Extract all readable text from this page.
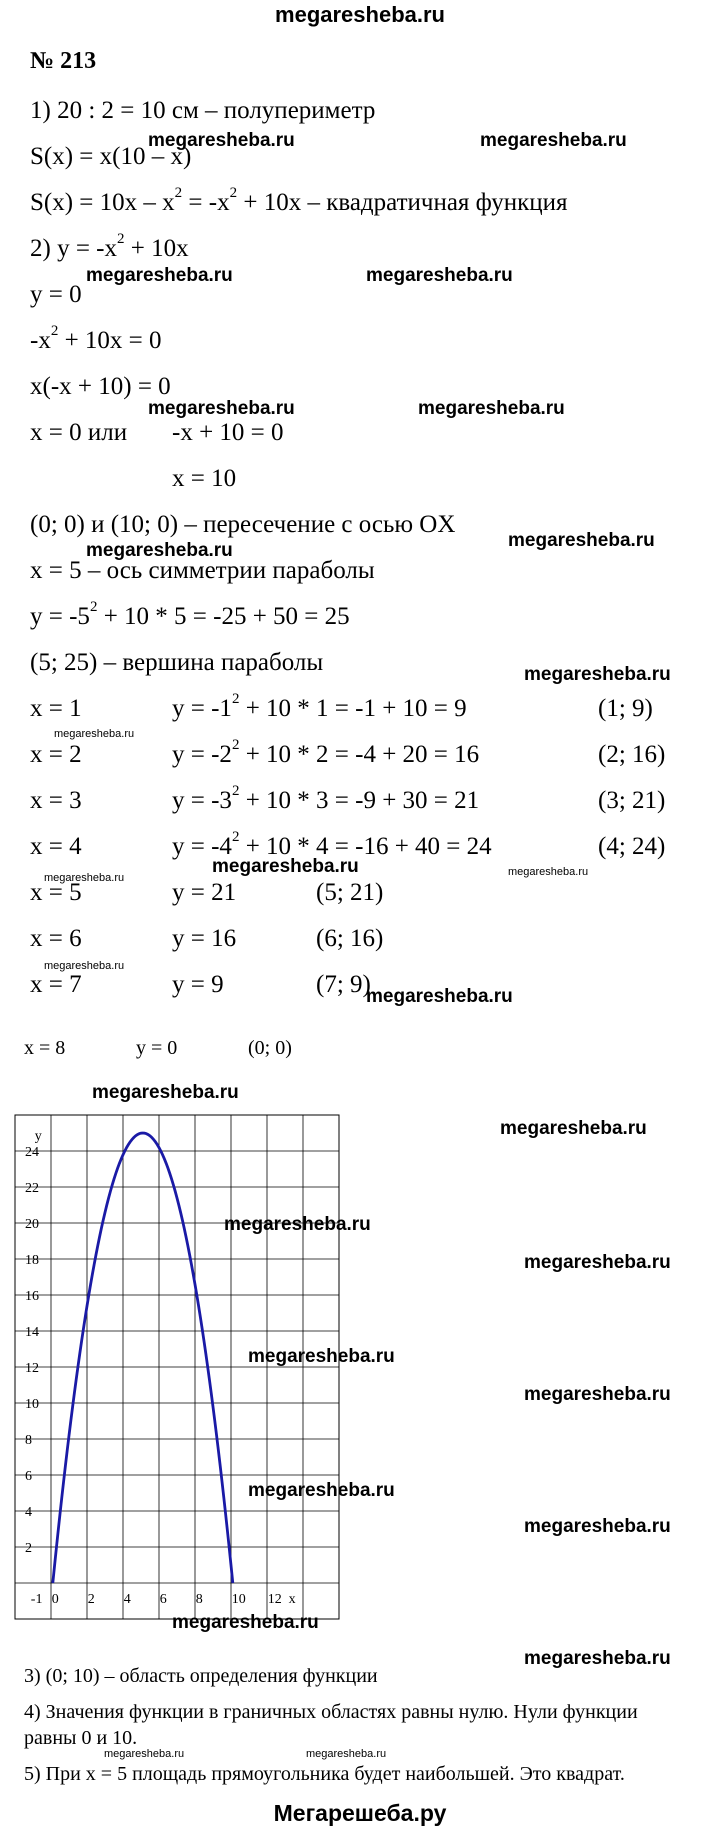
megaresheba.ru
№ 213
1) 20 : 2 = 10 см – полупериметр
S(x) = x(10 – x)
$S(x) = 10x - x^2 = -x^2 + 10x$ – квадратичная функция
2) $y = -x^2 + 10x$
y = 0
$-x^2 + 10x = 0$
x(-x + 10) = 0
x = 0 или -x + 10 = 0
x = 10
(0; 0) и (10; 0) – пересечение с осью OX
x = 5 – ось симметрии параболы
$y = -5^2 + 10 * 5 = -25 + 50 = 25$
(5; 25) – вершина параболы
x = 1	$y = -1^2 + 10 * 1 = -1 + 10 = 9$	(1; 9)
x = 2	$y = -2^2 + 10 * 2 = -4 + 20 = 16$	(2; 16)
x = 3	$y = -3^2 + 10 * 3 = -9 + 30 = 21$	(3; 21)
x = 4	$y = -4^2 + 10 * 4 = -16 + 40 = 24$	(4; 24)
x = 5	y = 21	(5; 21)
x = 6	y = 16	(6; 16)
x = 7	y = 9	(7; 9)
x = 8	y = 0	(0; 0)
2
4
6
8
10
12
14
16
18
20
22
24
y
-1 0 2 4 6 8 10 12 x
3) (0; 10) – область определения функции
4) Значения функции в граничных областях равны нулю. Нули функции
равны 0 и 10.
5) При x = 5 площадь прямоугольника будет наибольшей. Это квадрат.
Мегарешеба.ру
megaresheba.ru	megaresheba.ru
megaresheba.ru	megaresheba.ru
megaresheba.ru	megaresheba.ru
megaresheba.ru	megaresheba.ru
megaresheba.ru
megaresheba.ru
megaresheba.ru
megaresheba.ru	megaresheba.ru
megaresheba.ru
megaresheba.ru
megaresheba.ru
megaresheba.ru
megaresheba.ru
megaresheba.ru
megaresheba.ru
megaresheba.ru
megaresheba.ru
megaresheba.ru
megaresheba.ru
megaresheba.ru
megaresheba.ru	megaresheba.ru
